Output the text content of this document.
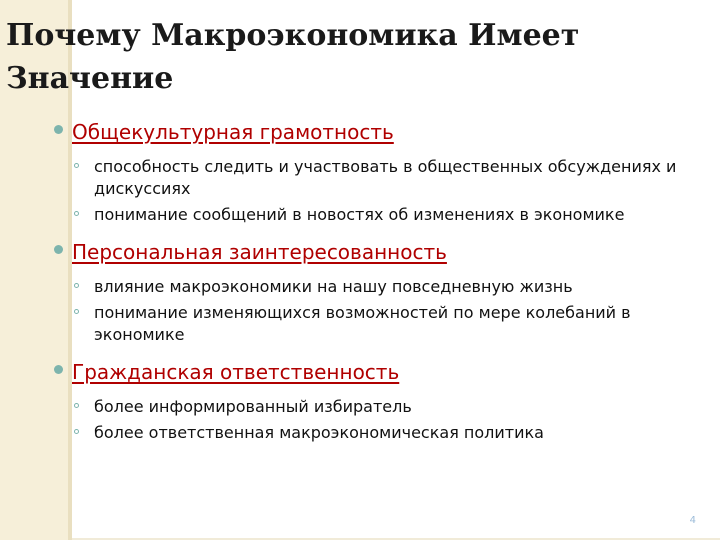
Почему Макроэкономика Имеет Значение
Общекультурная грамотность
способность следить и участвовать в общественных обсуждениях и дискуссиях
понимание сообщений в новостях об изменениях в экономике
Персональная заинтересованность
влияние макроэкономики на нашу повседневную жизнь
понимание изменяющихся возможностей по мере колебаний в экономике
Гражданская ответственность
более информированный избиратель
более ответственная макроэкономическая политика
4
